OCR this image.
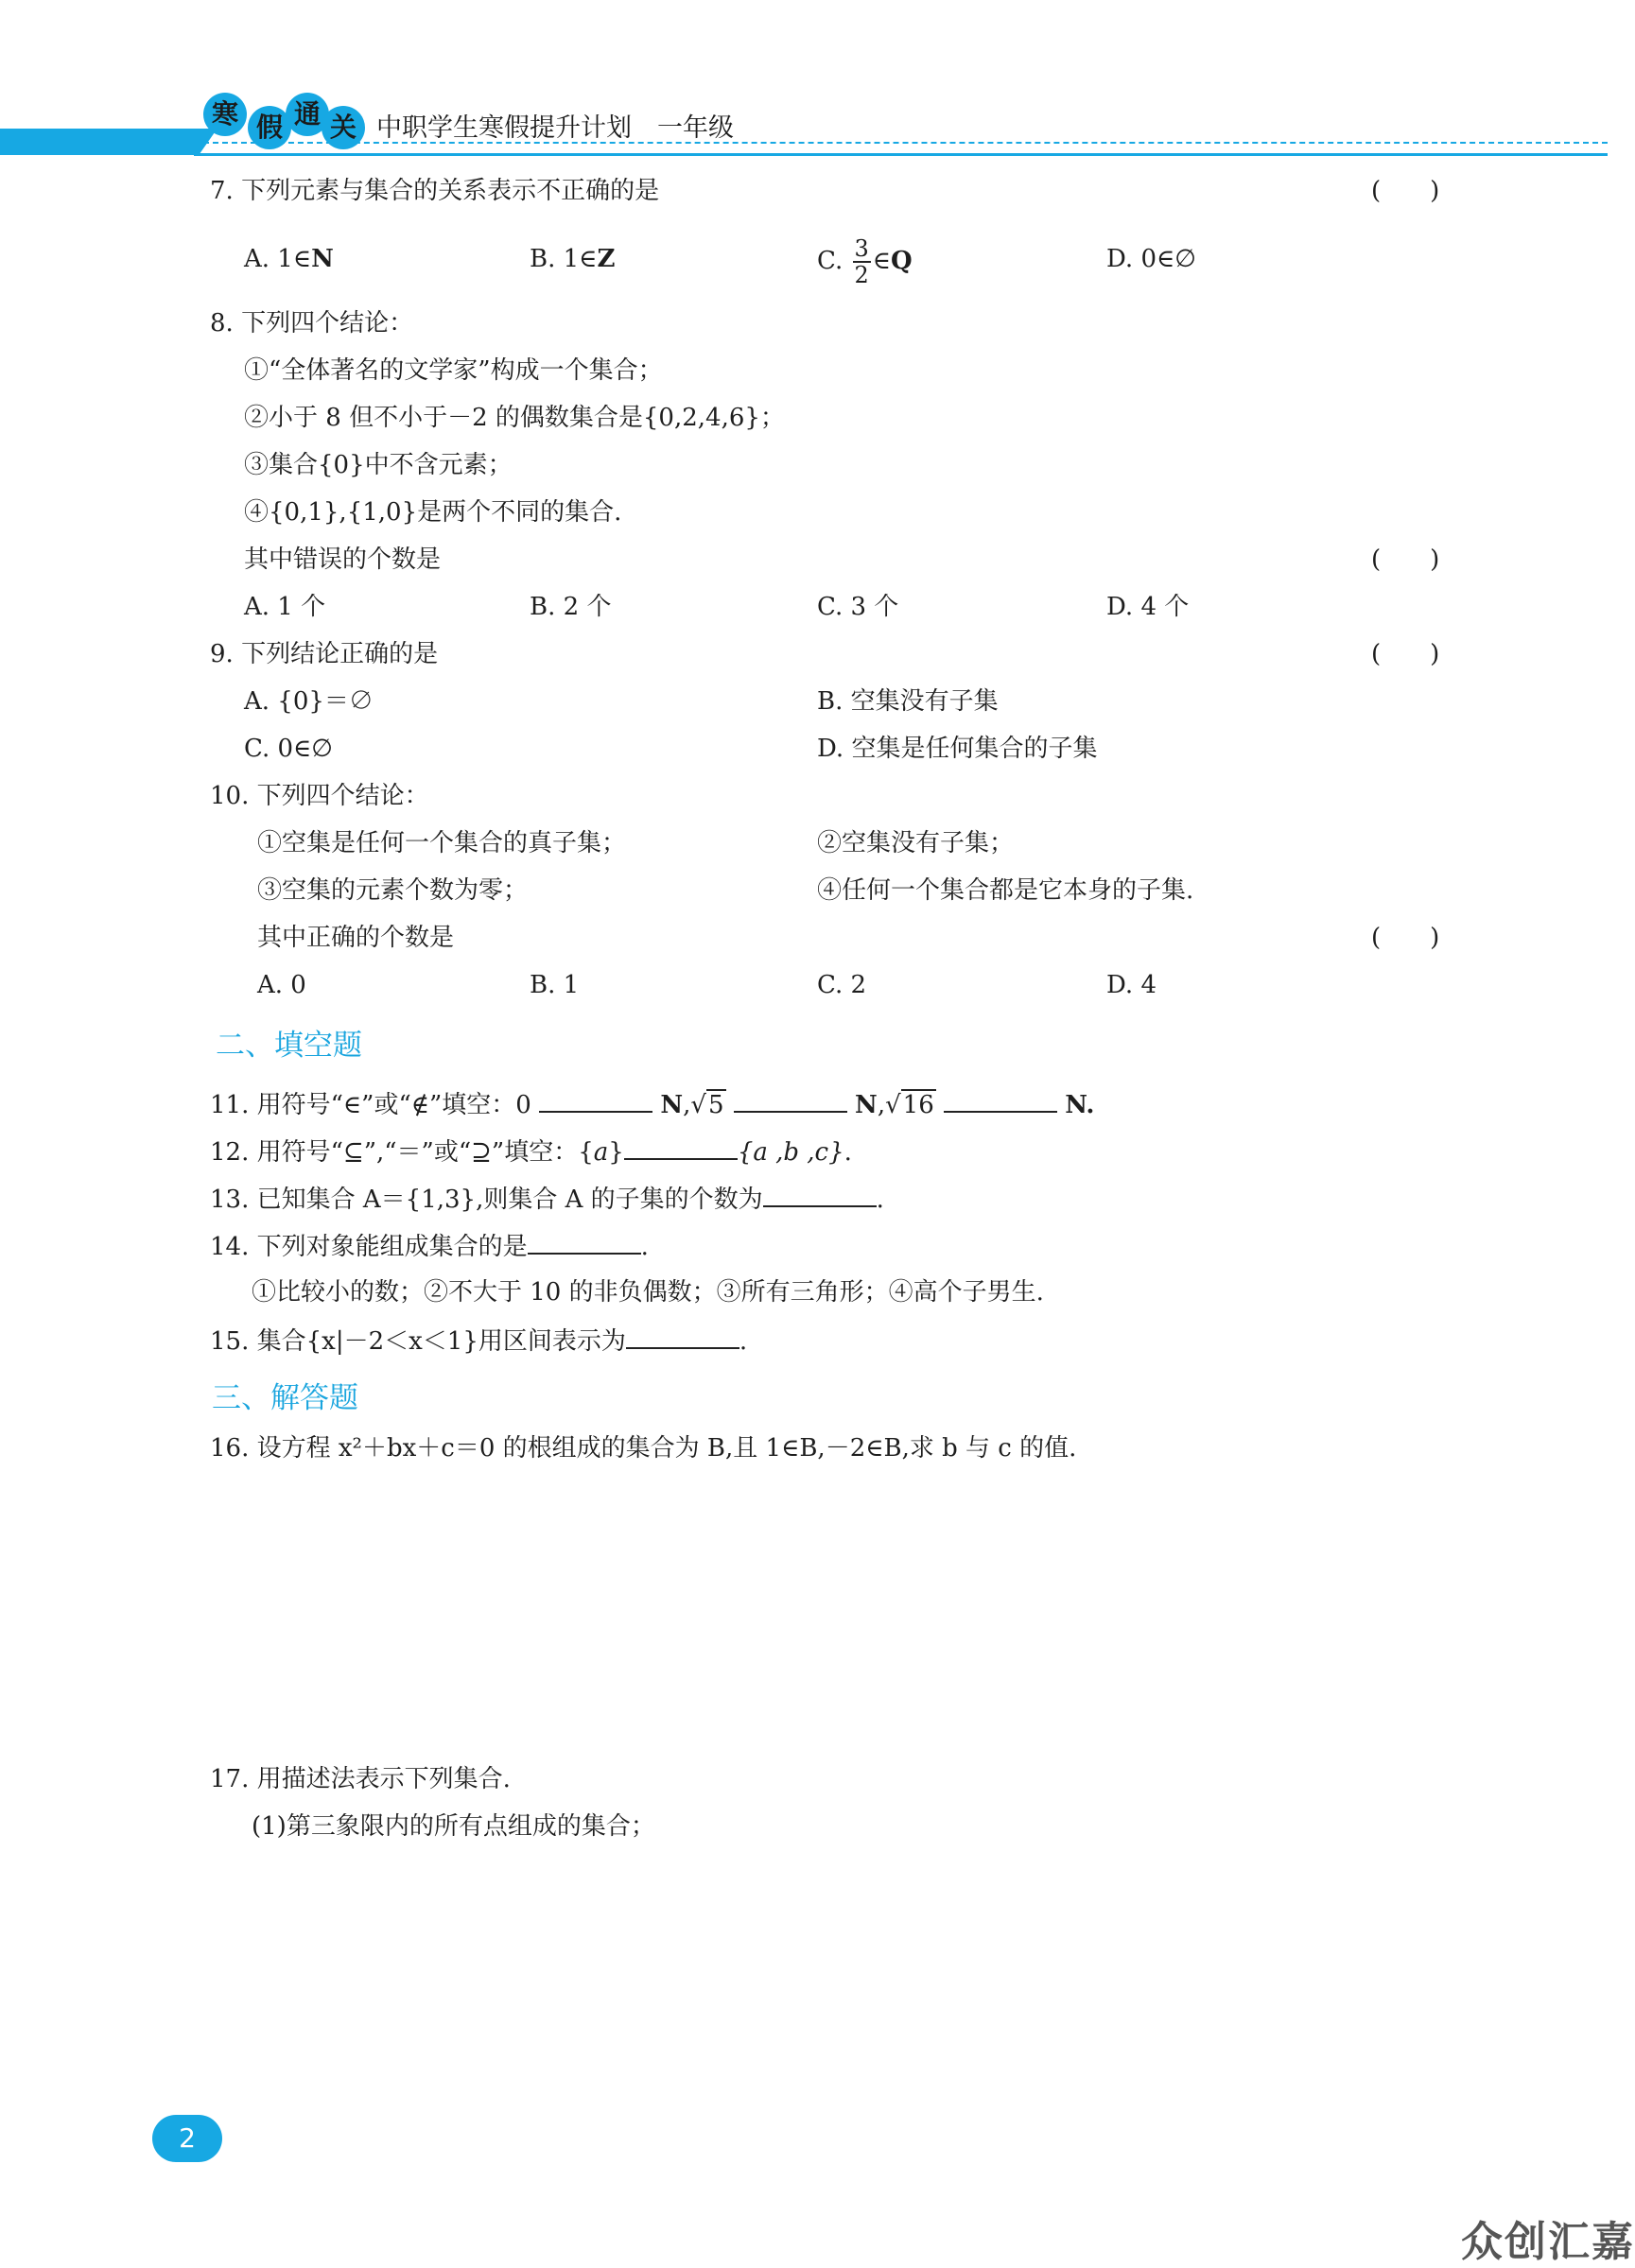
寒 假 通 关 中职学生寒假提升计划　一年级
7. 下列元素与集合的关系表示不正确的是	(　　)
A. 1∈N	B. 1∈Z	C. $\frac{3}{2}$ ∈Q	D. 0∈∅
8. 下列四个结论：
①“全体著名的文学家”构成一个集合；
②小于 8 但不小于－2 的偶数集合是{0,2,4,6}；
③集合{0}中不含元素；
④{0,1},{1,0}是两个不同的集合.
其中错误的个数是	(　　)
A. 1 个	B. 2 个	C. 3 个	D. 4 个
9. 下列结论正确的是	(　　)
A. {0}＝∅	B. 空集没有子集
C. 0∈∅	D. 空集是任何集合的子集
10. 下列四个结论：
①空集是任何一个集合的真子集；	②空集没有子集；
③空集的元素个数为零；	④任何一个集合都是它本身的子集.
其中正确的个数是	(　　)
A. 0	B. 1	C. 2	D. 4
二、填空题
11. 用符号“∈”或“∉”填空：0	N,√5	N,√16	N.
12. 用符号“⊆”,“＝”或“⊇”填空：{a}	{a ,b ,c}.
13. 已知集合 A＝{1,3},则集合 A 的子集的个数为	.
14. 下列对象能组成集合的是	.
①比较小的数；②不大于 10 的非负偶数；③所有三角形；④高个子男生.
15. 集合{x|－2＜x＜1}用区间表示为	.
三、解答题
16. 设方程 x²＋bx＋c＝0 的根组成的集合为 B,且 1∈B,－2∈B,求 b 与 c 的值.
17. 用描述法表示下列集合.
(1)第三象限内的所有点组成的集合；
2
众创汇嘉
